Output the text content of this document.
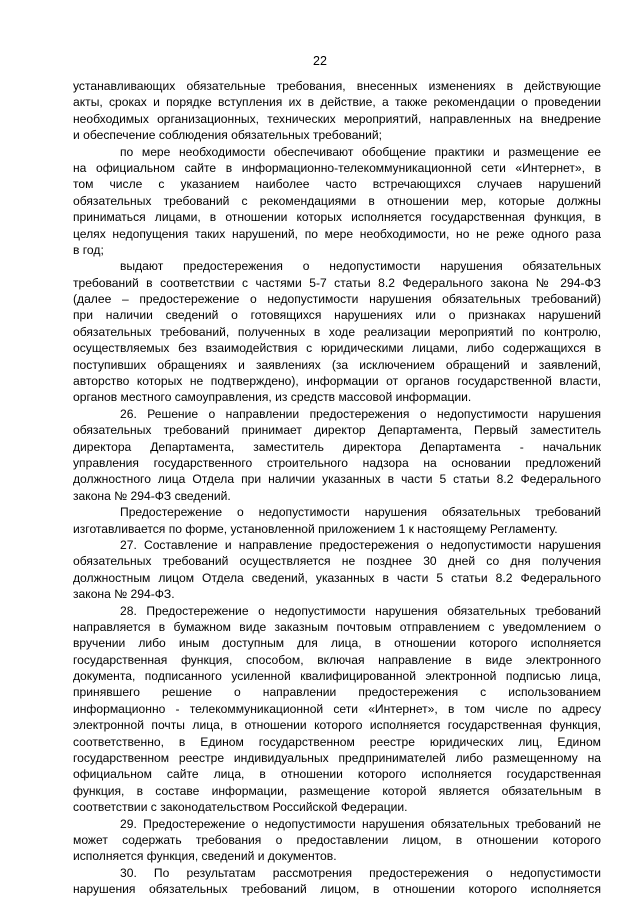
22
устанавливающих обязательные требования, внесенных изменениях в действующие
акты, сроках и порядке вступления их в действие, а также рекомендации о проведении
необходимых организационных, технических мероприятий, направленных на внедрение
и обеспечение соблюдения обязательных требований;
по мере необходимости обеспечивают обобщение практики и размещение ее
на официальном сайте в информационно-телекоммуникационной сети «Интернет», в
том числе с указанием наиболее часто встречающихся случаев нарушений
обязательных требований с рекомендациями в отношении мер, которые должны
приниматься лицами, в отношении которых исполняется государственная функция, в
целях недопущения таких нарушений, по мере необходимости, но не реже одного раза
в год;
выдают предостережения о недопустимости нарушения обязательных
требований в соответствии с частями 5-7 статьи 8.2 Федерального закона № 294-ФЗ
(далее – предостережение о недопустимости нарушения обязательных требований)
при наличии сведений о готовящихся нарушениях или о признаках нарушений
обязательных требований, полученных в ходе реализации мероприятий по контролю,
осуществляемых без взаимодействия с юридическими лицами, либо содержащихся в
поступивших обращениях и заявлениях (за исключением обращений и заявлений,
авторство которых не подтверждено), информации от органов государственной власти,
органов местного самоуправления, из средств массовой информации.
26. Решение о направлении предостережения о недопустимости нарушения
обязательных требований принимает директор Департамента, Первый заместитель
директора Департамента, заместитель директора Департамента - начальник
управления государственного строительного надзора на основании предложений
должностного лица Отдела при наличии указанных в части 5 статьи 8.2 Федерального
закона № 294-ФЗ сведений.
Предостережение о недопустимости нарушения обязательных требований
изготавливается по форме, установленной приложением 1 к настоящему Регламенту.
27. Составление и направление предостережения о недопустимости нарушения
обязательных требований осуществляется не позднее 30 дней со дня получения
должностным лицом Отдела сведений, указанных в части 5 статьи 8.2 Федерального
закона № 294-ФЗ.
28. Предостережение о недопустимости нарушения обязательных требований
направляется в бумажном виде заказным почтовым отправлением с уведомлением о
вручении либо иным доступным для лица, в отношении которого исполняется
государственная функция, способом, включая направление в виде электронного
документа, подписанного усиленной квалифицированной электронной подписью лица,
принявшего решение о направлении предостережения с использованием
информационно - телекоммуникационной сети «Интернет», в том числе по адресу
электронной почты лица, в отношении которого исполняется государственная функция,
соответственно, в Едином государственном реестре юридических лиц, Едином
государственном реестре индивидуальных предпринимателей либо размещенному на
официальном сайте лица, в отношении которого исполняется государственная
функция, в составе информации, размещение которой является обязательным в
соответствии с законодательством Российской Федерации.
29. Предостережение о недопустимости нарушения обязательных требований не
может содержать требования о предоставлении лицом, в отношении которого
исполняется функция, сведений и документов.
30. По результатам рассмотрения предостережения о недопустимости
нарушения обязательных требований лицом, в отношении которого исполняется
